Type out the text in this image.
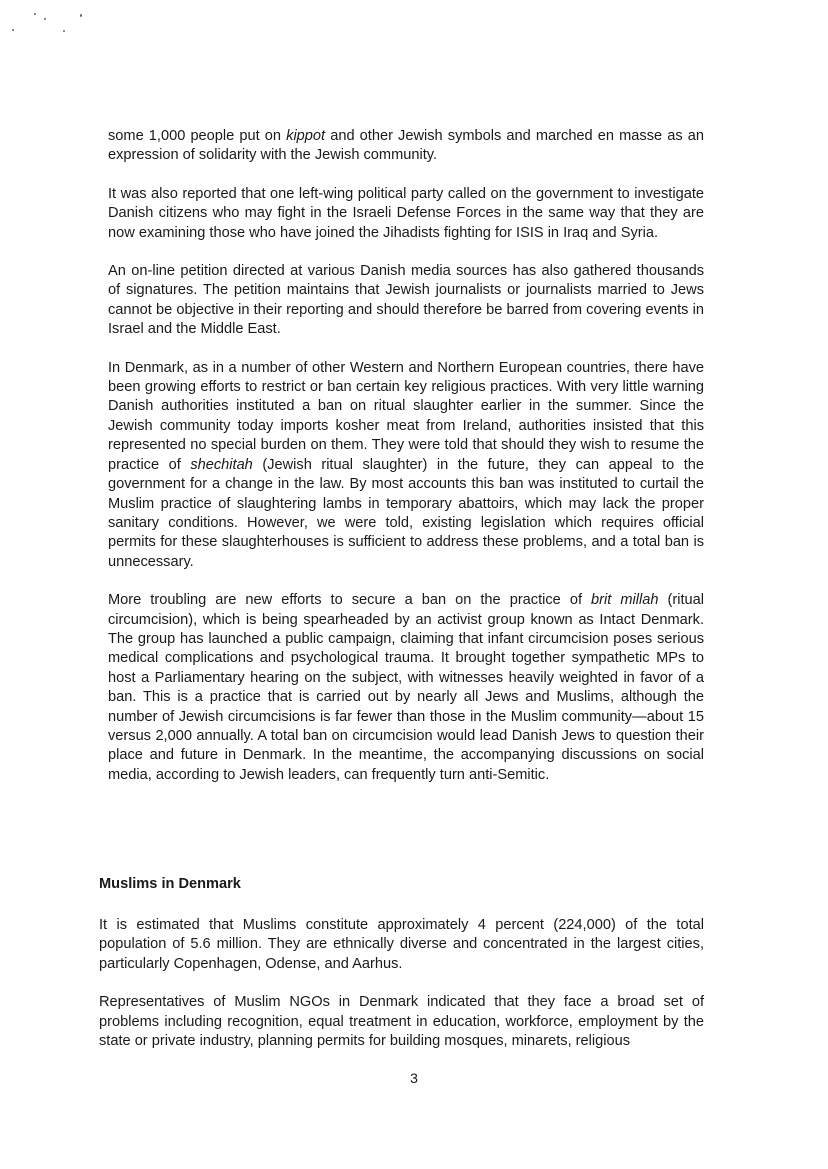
some 1,000 people put on kippot and other Jewish symbols and marched en masse as an expression of solidarity with the Jewish community.

It was also reported that one left-wing political party called on the government to investigate Danish citizens who may fight in the Israeli Defense Forces in the same way that they are now examining those who have joined the Jihadists fighting for ISIS in Iraq and Syria.

An on-line petition directed at various Danish media sources has also gathered thousands of signatures. The petition maintains that Jewish journalists or journalists married to Jews cannot be objective in their reporting and should therefore be barred from covering events in Israel and the Middle East.

In Denmark, as in a number of other Western and Northern European countries, there have been growing efforts to restrict or ban certain key religious practices. With very little warning Danish authorities instituted a ban on ritual slaughter earlier in the summer. Since the Jewish community today imports kosher meat from Ireland, authorities insisted that this represented no special burden on them. They were told that should they wish to resume the practice of shechitah (Jewish ritual slaughter) in the future, they can appeal to the government for a change in the law. By most accounts this ban was instituted to curtail the Muslim practice of slaughtering lambs in temporary abattoirs, which may lack the proper sanitary conditions. However, we were told, existing legislation which requires official permits for these slaughterhouses is sufficient to address these problems, and a total ban is unnecessary.

More troubling are new efforts to secure a ban on the practice of brit millah (ritual circumcision), which is being spearheaded by an activist group known as Intact Denmark. The group has launched a public campaign, claiming that infant circumcision poses serious medical complications and psychological trauma. It brought together sympathetic MPs to host a Parliamentary hearing on the subject, with witnesses heavily weighted in favor of a ban. This is a practice that is carried out by nearly all Jews and Muslims, although the number of Jewish circumcisions is far fewer than those in the Muslim community—about 15 versus 2,000 annually. A total ban on circumcision would lead Danish Jews to question their place and future in Denmark. In the meantime, the accompanying discussions on social media, according to Jewish leaders, can frequently turn anti-Semitic.

Muslims in Denmark

It is estimated that Muslims constitute approximately 4 percent (224,000) of the total population of 5.6 million. They are ethnically diverse and concentrated in the largest cities, particularly Copenhagen, Odense, and Aarhus.

Representatives of Muslim NGOs in Denmark indicated that they face a broad set of problems including recognition, equal treatment in education, workforce, employment by the state or private industry, planning permits for building mosques, minarets, religious

3
